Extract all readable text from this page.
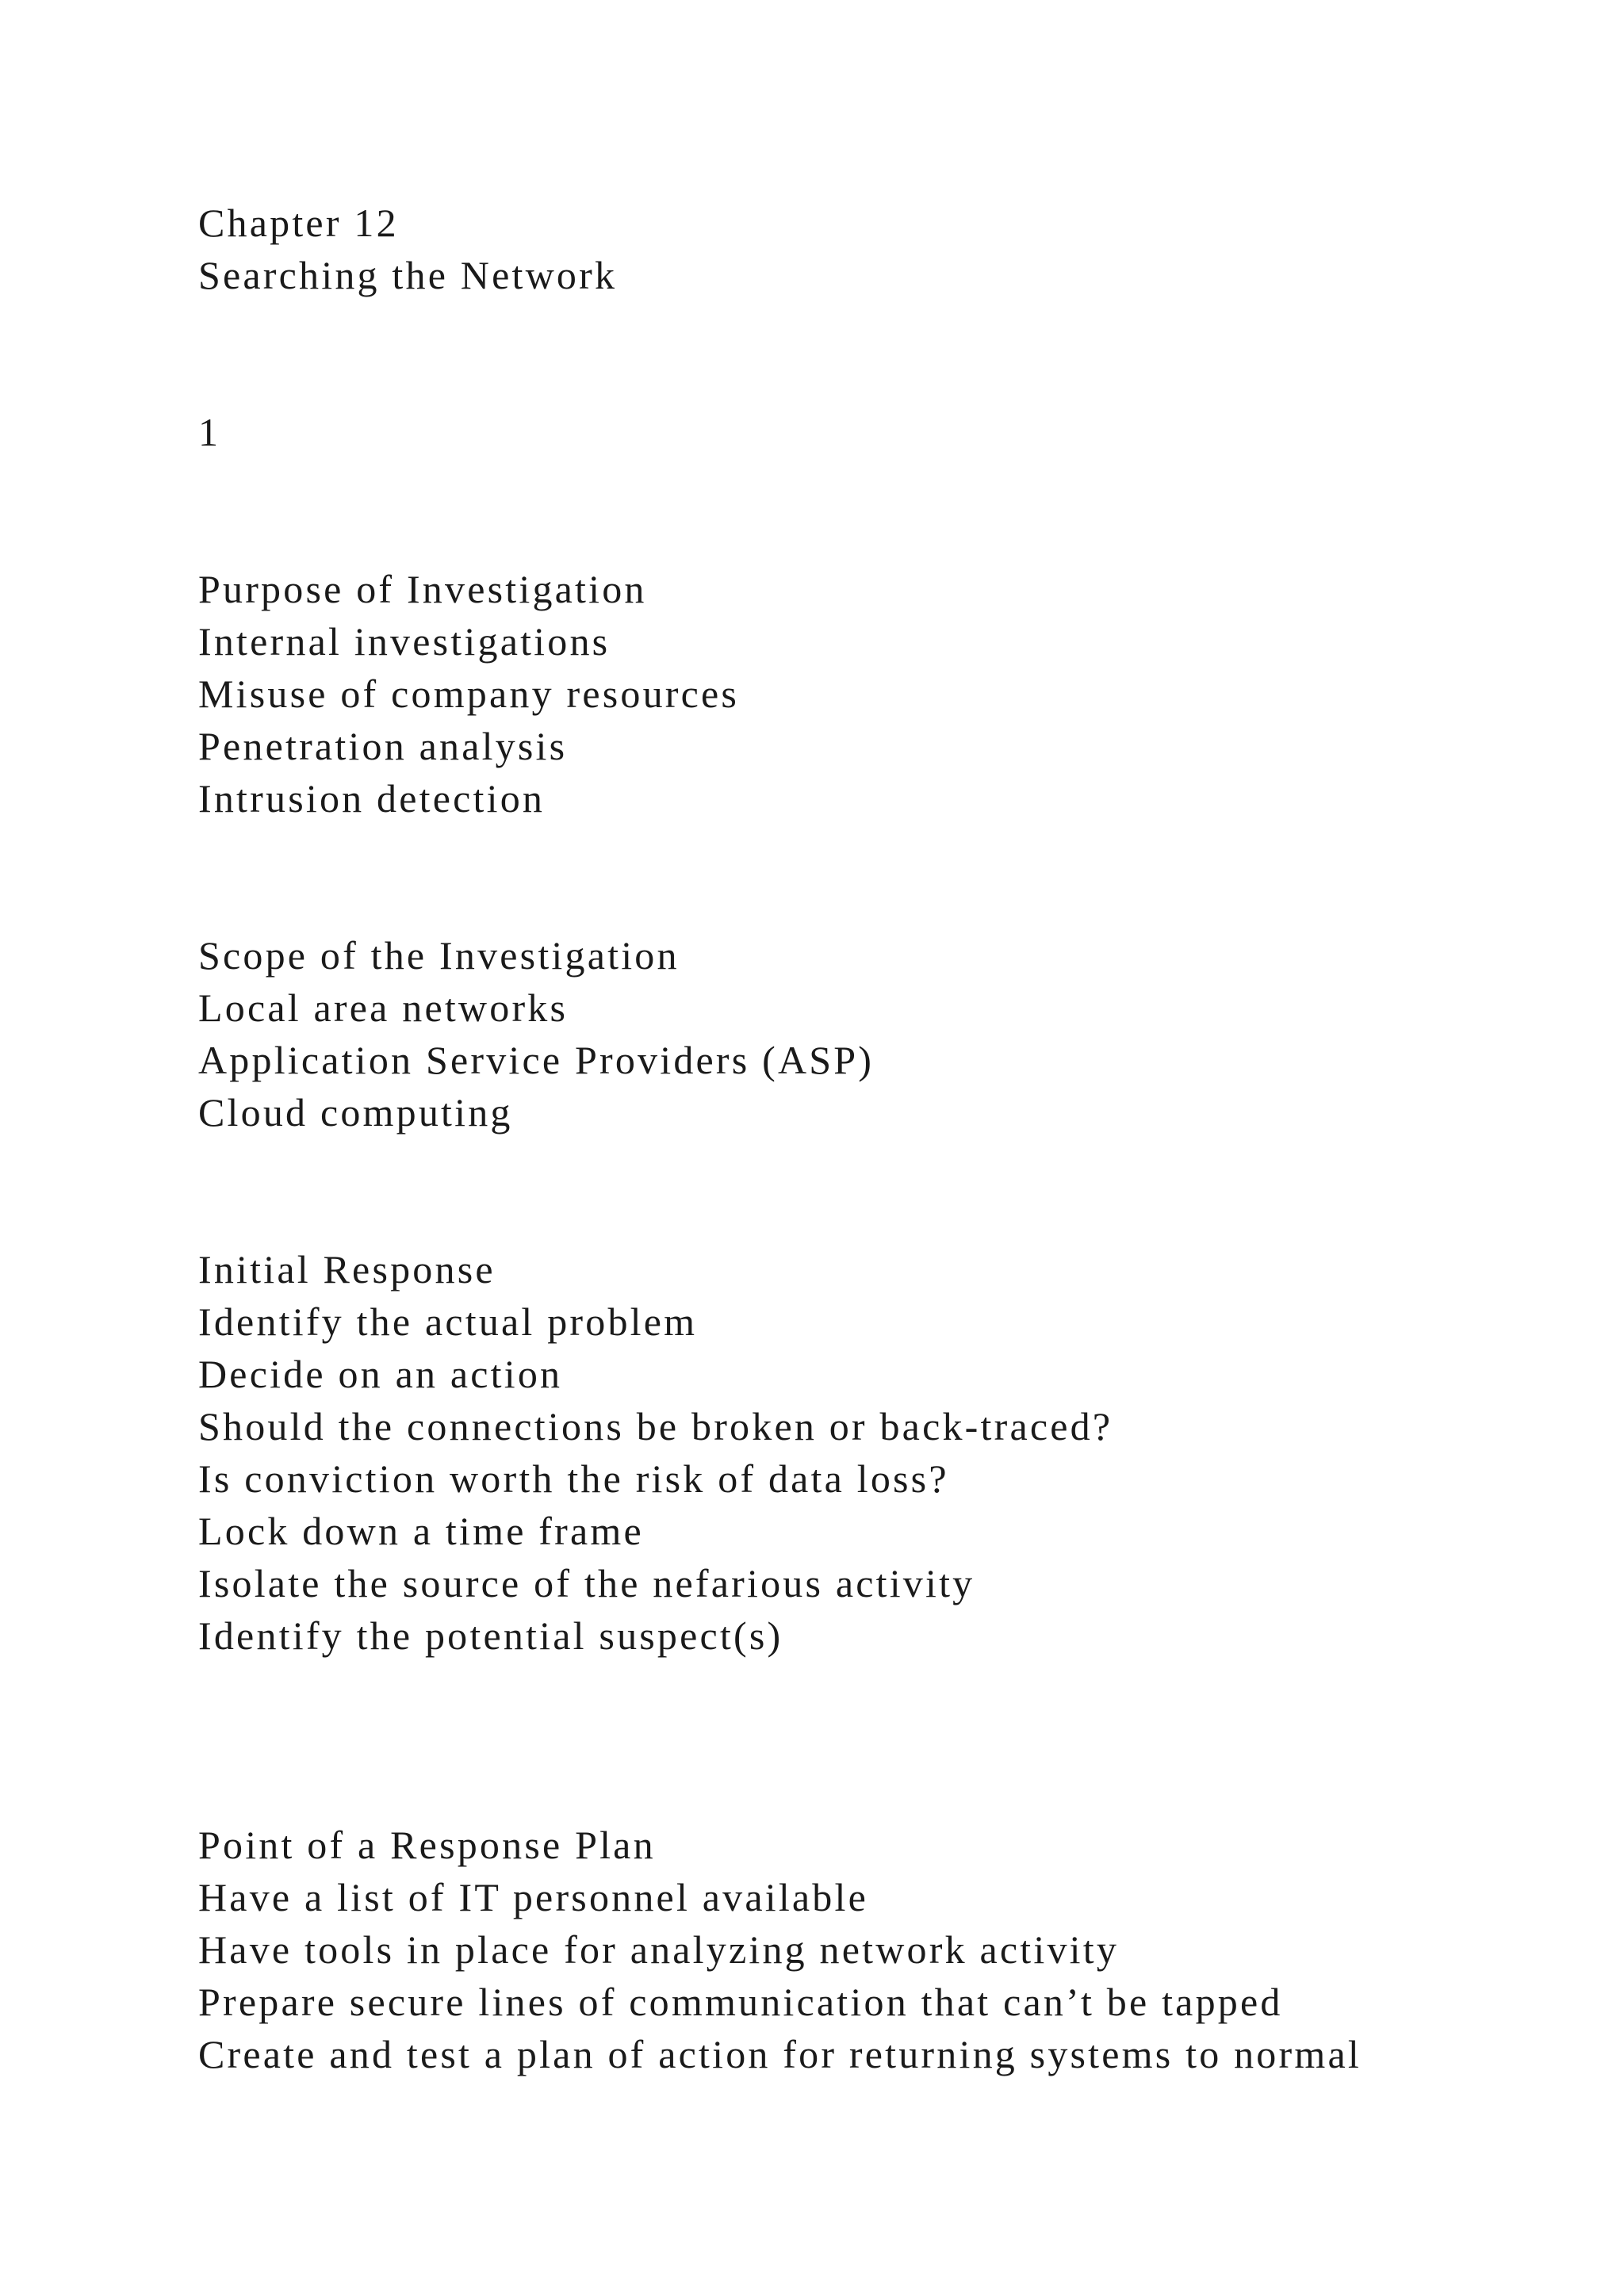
Chapter 12

Searching the Network

1

Purpose of Investigation

Internal investigations

Misuse of company resources

Penetration analysis

Intrusion detection

Scope of the Investigation

Local area networks

Application Service Providers (ASP)

Cloud computing

Initial Response

Identify the actual problem

Decide on an action

Should the connections be broken or back-traced?

Is conviction worth the risk of data loss?

Lock down a time frame

Isolate the source of the nefarious activity

Identify the potential suspect(s)

Point of a Response Plan

Have a list of IT personnel available

Have tools in place for analyzing network activity

Prepare secure lines of communication that can’t be tapped

Create and test a plan of action for returning systems to normal
